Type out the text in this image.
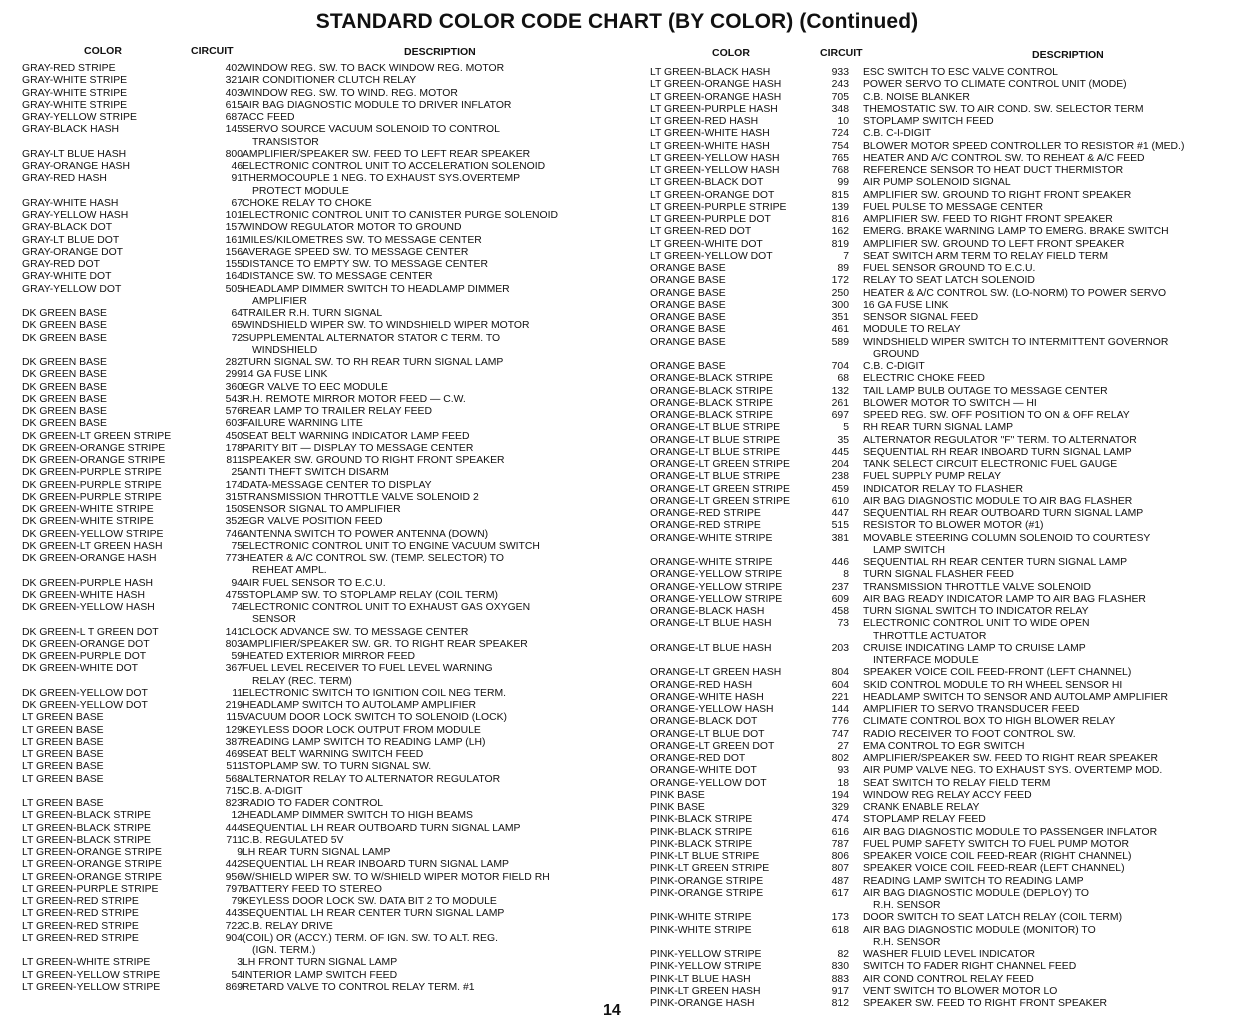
STANDARD COLOR CODE CHART (BY COLOR) (Continued)
COLOR	CIRCUIT	DESCRIPTION	COLOR	CIRCUIT	DESCRIPTION
GRAY-RED STRIPE	402 WINDOW REG. SW. TO BACK WINDOW REG. MOTOR
GRAY-WHITE STRIPE	321 AIR CONDITIONER CLUTCH RELAY
GRAY-WHITE STRIPE	403 WINDOW REG. SW. TO WIND. REG. MOTOR
GRAY-WHITE STRIPE	615 AIR BAG DIAGNOSTIC MODULE TO DRIVER INFLATOR
GRAY-YELLOW STRIPE	687 ACC FEED
GRAY-BLACK HASH	145 SERVO SOURCE VACUUM SOLENOID TO CONTROL
TRANSISTOR
GRAY-LT BLUE HASH	800 AMPLIFIER/SPEAKER SW. FEED TO LEFT REAR SPEAKER
GRAY-ORANGE HASH	46 ELECTRONIC CONTROL UNIT TO ACCELERATION SOLENOID
GRAY-RED HASH	91 THERMOCOUPLE 1 NEG. TO EXHAUST SYS.OVERTEMP
PROTECT MODULE
GRAY-WHITE HASH	67 CHOKE RELAY TO CHOKE
GRAY-YELLOW HASH	101 ELECTRONIC CONTROL UNIT TO CANISTER PURGE SOLENOID
GRAY-BLACK DOT	157 WINDOW REGULATOR MOTOR TO GROUND
GRAY-LT BLUE DOT	161 MILES/KILOMETRES SW. TO MESSAGE CENTER
GRAY-ORANGE DOT	156 AVERAGE SPEED SW. TO MESSAGE CENTER
GRAY-RED DOT	155 DISTANCE TO EMPTY SW. TO MESSAGE CENTER
GRAY-WHITE DOT	164 DISTANCE SW. TO MESSAGE CENTER
GRAY-YELLOW DOT	505 HEADLAMP DIMMER SWITCH TO HEADLAMP DIMMER
AMPLIFIER
DK GREEN BASE	64 TRAILER R.H. TURN SIGNAL
DK GREEN BASE	65 WINDSHIELD WIPER SW. TO WINDSHIELD WIPER MOTOR
DK GREEN BASE	72 SUPPLEMENTAL ALTERNATOR STATOR C TERM. TO
WINDSHIELD
DK GREEN BASE	282 TURN SIGNAL SW. TO RH REAR TURN SIGNAL LAMP
DK GREEN BASE	299 14 GA FUSE LINK
DK GREEN BASE	360 EGR VALVE TO EEC MODULE
DK GREEN BASE	543 R.H. REMOTE MIRROR MOTOR FEED — C.W.
DK GREEN BASE	576 REAR LAMP TO TRAILER RELAY FEED
DK GREEN BASE	603 FAILURE WARNING LITE
DK GREEN-LT GREEN STRIPE	450 SEAT BELT WARNING INDICATOR LAMP FEED
DK GREEN-ORANGE STRIPE	178 PARITY BIT — DISPLAY TO MESSAGE CENTER
DK GREEN-ORANGE STRIPE	811 SPEAKER SW. GROUND TO RIGHT FRONT SPEAKER
DK GREEN-PURPLE STRIPE	25 ANTI THEFT SWITCH DISARM
DK GREEN-PURPLE STRIPE	174 DATA-MESSAGE CENTER TO DISPLAY
DK GREEN-PURPLE STRIPE	315 TRANSMISSION THROTTLE VALVE SOLENOID 2
DK GREEN-WHITE STRIPE	150 SENSOR SIGNAL TO AMPLIFIER
DK GREEN-WHITE STRIPE	352 EGR VALVE POSITION FEED
DK GREEN-YELLOW STRIPE	746 ANTENNA SWITCH TO POWER ANTENNA (DOWN)
DK GREEN-LT GREEN HASH	75 ELECTRONIC CONTROL UNIT TO ENGINE VACUUM SWITCH
DK GREEN-ORANGE HASH	773 HEATER & A/C CONTROL SW. (TEMP. SELECTOR) TO
REHEAT AMPL.
DK GREEN-PURPLE HASH	94 AIR FUEL SENSOR TO E.C.U.
DK GREEN-WHITE HASH	475 STOPLAMP SW. TO STOPLAMP RELAY (COIL TERM)
DK GREEN-YELLOW HASH	74 ELECTRONIC CONTROL UNIT TO EXHAUST GAS OXYGEN
SENSOR
DK GREEN-L T GREEN DOT	141 CLOCK ADVANCE SW. TO MESSAGE CENTER
DK GREEN-ORANGE DOT	803 AMPLIFIER/SPEAKER SW. GR. TO RIGHT REAR SPEAKER
DK GREEN-PURPLE DOT	59 HEATED EXTERIOR MIRROR FEED
DK GREEN-WHITE DOT	367 FUEL LEVEL RECEIVER TO FUEL LEVEL WARNING
RELAY (REC. TERM)
DK GREEN-YELLOW DOT	11 ELECTRONIC SWITCH TO IGNITION COIL NEG TERM.
DK GREEN-YELLOW DOT	219 HEADLAMP SWITCH TO AUTOLAMP AMPLIFIER
LT GREEN BASE	115 VACUUM DOOR LOCK SWITCH TO SOLENOID (LOCK)
LT GREEN BASE	129 KEYLESS DOOR LOCK OUTPUT FROM MODULE
LT GREEN BASE	387 READING LAMP SWITCH TO READING LAMP (LH)
LT GREEN BASE	469 SEAT BELT WARNING SWITCH FEED
LT GREEN BASE	511 STOPLAMP SW. TO TURN SIGNAL SW.
LT GREEN BASE	568 ALTERNATOR RELAY TO ALTERNATOR REGULATOR
715 C.B. A-DIGIT
LT GREEN BASE	823 RADIO TO FADER CONTROL
LT GREEN-BLACK STRIPE	12 HEADLAMP DIMMER SWITCH TO HIGH BEAMS
LT GREEN-BLACK STRIPE	444 SEQUENTIAL LH REAR OUTBOARD TURN SIGNAL LAMP
LT GREEN-BLACK STRIPE	711 C.B. REGULATED 5V
LT GREEN-ORANGE STRIPE	9 LH REAR TURN SIGNAL LAMP
LT GREEN-ORANGE STRIPE	442 SEQUENTIAL LH REAR INBOARD TURN SIGNAL LAMP
LT GREEN-ORANGE STRIPE	956 W/SHIELD WIPER SW. TO W/SHIELD WIPER MOTOR FIELD RH
LT GREEN-PURPLE STRIPE	797 BATTERY FEED TO STEREO
LT GREEN-RED STRIPE	79 KEYLESS DOOR LOCK SW. DATA BIT 2 TO MODULE
LT GREEN-RED STRIPE	443 SEQUENTIAL LH REAR CENTER TURN SIGNAL LAMP
LT GREEN-RED STRIPE	722 C.B. RELAY DRIVE
LT GREEN-RED STRIPE	904 (COIL) OR (ACCY.) TERM. OF IGN. SW. TO ALT. REG.
(IGN. TERM.)
LT GREEN-WHITE STRIPE	3 LH FRONT TURN SIGNAL LAMP
LT GREEN-YELLOW STRIPE	54 INTERIOR LAMP SWITCH FEED
LT GREEN-YELLOW STRIPE	869 RETARD VALVE TO CONTROL RELAY TERM. #1
LT GREEN-BLACK HASH	933 ESC SWITCH TO ESC VALVE CONTROL
LT GREEN-ORANGE HASH	243 POWER SERVO TO CLIMATE CONTROL UNIT (MODE)
LT GREEN-ORANGE HASH	705 C.B. NOISE BLANKER
LT GREEN-PURPLE HASH	348 THEMOSTATIC SW. TO AIR COND. SW. SELECTOR TERM
LT GREEN-RED HASH	10 STOPLAMP SWITCH FEED
LT GREEN-WHITE HASH	724 C.B. C-I-DIGIT
LT GREEN-WHITE HASH	754 BLOWER MOTOR SPEED CONTROLLER TO RESISTOR #1 (MED.)
LT GREEN-YELLOW HASH	765 HEATER AND A/C CONTROL SW. TO REHEAT & A/C FEED
LT GREEN-YELLOW HASH	768 REFERENCE SENSOR TO HEAT DUCT THERMISTOR
LT GREEN-BLACK DOT	99 AIR PUMP SOLENOID SIGNAL
LT GREEN-ORANGE DOT	815 AMPLIFIER SW. GROUND TO RIGHT FRONT SPEAKER
LT GREEN-PURPLE STRIPE	139 FUEL PULSE TO MESSAGE CENTER
LT GREEN-PURPLE DOT	816 AMPLIFIER SW. FEED TO RIGHT FRONT SPEAKER
LT GREEN-RED DOT	162 EMERG. BRAKE WARNING LAMP TO EMERG. BRAKE SWITCH
LT GREEN-WHITE DOT	819 AMPLIFIER SW. GROUND TO LEFT FRONT SPEAKER
LT GREEN-YELLOW DOT	7 SEAT SWITCH ARM TERM TO RELAY FIELD TERM
ORANGE BASE	89 FUEL SENSOR GROUND TO E.C.U.
ORANGE BASE	172 RELAY TO SEAT LATCH SOLENOID
ORANGE BASE	250 HEATER & A/C CONTROL SW. (LO-NORM) TO POWER SERVO
ORANGE BASE	300 16 GA FUSE LINK
ORANGE BASE	351 SENSOR SIGNAL FEED
ORANGE BASE	461 MODULE TO RELAY
ORANGE BASE	589 WINDSHIELD WIPER SWITCH TO INTERMITTENT GOVERNOR
GROUND
ORANGE BASE	704 C.B. C-DIGIT
ORANGE-BLACK STRIPE	68 ELECTRIC CHOKE FEED
ORANGE-BLACK STRIPE	132 TAIL LAMP BULB OUTAGE TO MESSAGE CENTER
ORANGE-BLACK STRIPE	261 BLOWER MOTOR TO SWITCH — HI
ORANGE-BLACK STRIPE	697 SPEED REG. SW. OFF POSITION TO ON & OFF RELAY
ORANGE-LT BLUE STRIPE	5 RH REAR TURN SIGNAL LAMP
ORANGE-LT BLUE STRIPE	35 ALTERNATOR REGULATOR "F" TERM. TO ALTERNATOR
ORANGE-LT BLUE STRIPE	445 SEQUENTIAL RH REAR INBOARD TURN SIGNAL LAMP
ORANGE-LT GREEN STRIPE	204 TANK SELECT CIRCUIT ELECTRONIC FUEL GAUGE
ORANGE-LT BLUE STRIPE	238 FUEL SUPPLY PUMP RELAY
ORANGE-LT GREEN STRIPE	459 INDICATOR RELAY TO FLASHER
ORANGE-LT GREEN STRIPE	610 AIR BAG DIAGNOSTIC MODULE TO AIR BAG FLASHER
ORANGE-RED STRIPE	447 SEQUENTIAL RH REAR OUTBOARD TURN SIGNAL LAMP
ORANGE-RED STRIPE	515 RESISTOR TO BLOWER MOTOR (#1)
ORANGE-WHITE STRIPE	381 MOVABLE STEERING COLUMN SOLENOID TO COURTESY
LAMP SWITCH
ORANGE-WHITE STRIPE	446 SEQUENTIAL RH REAR CENTER TURN SIGNAL LAMP
ORANGE-YELLOW STRIPE	8 TURN SIGNAL FLASHER FEED
ORANGE-YELLOW STRIPE	237 TRANSMISSION THROTTLE VALVE SOLENOID
ORANGE-YELLOW STRIPE	609 AIR BAG READY INDICATOR LAMP TO AIR BAG FLASHER
ORANGE-BLACK HASH	458 TURN SIGNAL SWITCH TO INDICATOR RELAY
ORANGE-LT BLUE HASH	73 ELECTRONIC CONTROL UNIT TO WIDE OPEN
THROTTLE ACTUATOR
ORANGE-LT BLUE HASH	203 CRUISE INDICATING LAMP TO CRUISE LAMP
INTERFACE MODULE
ORANGE-LT GREEN HASH	804 SPEAKER VOICE COIL FEED-FRONT (LEFT CHANNEL)
ORANGE-RED HASH	604 SKID CONTROL MODULE TO RH WHEEL SENSOR HI
ORANGE-WHITE HASH	221 HEADLAMP SWITCH TO SENSOR AND AUTOLAMP AMPLIFIER
ORANGE-YELLOW HASH	144 AMPLIFIER TO SERVO TRANSDUCER FEED
ORANGE-BLACK DOT	776 CLIMATE CONTROL BOX TO HIGH BLOWER RELAY
ORANGE-LT BLUE DOT	747 RADIO RECEIVER TO FOOT CONTROL SW.
ORANGE-LT GREEN DOT	27 EMA CONTROL TO EGR SWITCH
ORANGE-RED DOT	802 AMPLIFIER/SPEAKER SW. FEED TO RIGHT REAR SPEAKER
ORANGE-WHITE DOT	93 AIR PUMP VALVE NEG. TO EXHAUST SYS. OVERTEMP MOD.
ORANGE-YELLOW DOT	18 SEAT SWITCH TO RELAY FIELD TERM
PINK BASE	194 WINDOW REG RELAY ACCY FEED
PINK BASE	329 CRANK ENABLE RELAY
PINK-BLACK STRIPE	474 STOPLAMP RELAY FEED
PINK-BLACK STRIPE	616 AIR BAG DIAGNOSTIC MODULE TO PASSENGER INFLATOR
PINK-BLACK STRIPE	787 FUEL PUMP SAFETY SWITCH TO FUEL PUMP MOTOR
PINK-LT BLUE STRIPE	806 SPEAKER VOICE COIL FEED-REAR (RIGHT CHANNEL)
PINK-LT GREEN STRIPE	807 SPEAKER VOICE COIL FEED-REAR (LEFT CHANNEL)
PINK-ORANGE STRIPE	487 READING LAMP SWITCH TO READING LAMP
PINK-ORANGE STRIPE	617 AIR BAG DIAGNOSTIC MODULE (DEPLOY) TO
R.H. SENSOR
PINK-WHITE STRIPE	173 DOOR SWITCH TO SEAT LATCH RELAY (COIL TERM)
PINK-WHITE STRIPE	618 AIR BAG DIAGNOSTIC MODULE (MONITOR) TO
R.H. SENSOR
PINK-YELLOW STRIPE	82 WASHER FLUID LEVEL INDICATOR
PINK-YELLOW STRIPE	830 SWITCH TO FADER RIGHT CHANNEL FEED
PINK-LT BLUE HASH	883 AIR COND CONTROL RELAY FEED
PINK-LT GREEN HASH	917 VENT SWITCH TO BLOWER MOTOR LO
PINK-ORANGE HASH	812 SPEAKER SW. FEED TO RIGHT FRONT SPEAKER
14
